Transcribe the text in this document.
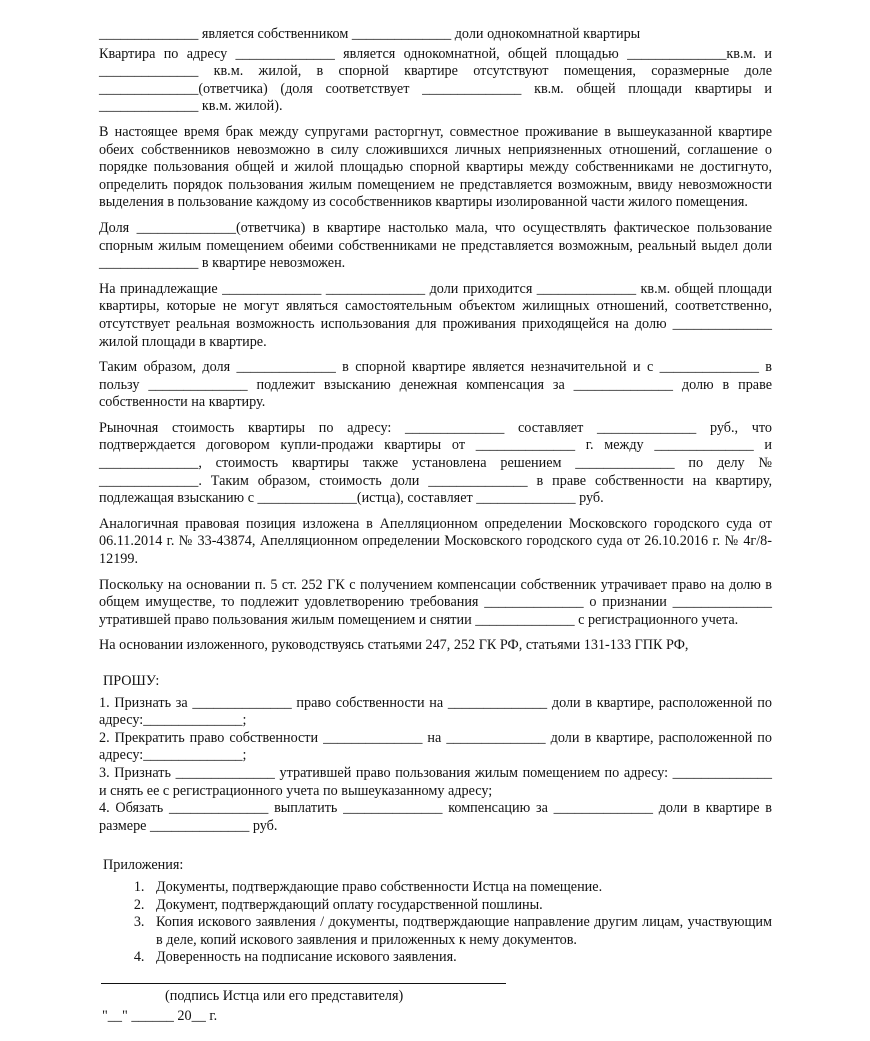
______________ является собственником ______________ доли однокомнатной квартиры

Квартира по адресу ______________ является однокомнатной, общей площадью ______________кв.м. и ______________ кв.м. жилой, в спорной квартире отсутствуют помещения, соразмерные доле ______________(ответчика) (доля соответствует ______________ кв.м. общей площади квартиры и ______________ кв.м. жилой).

В настоящее время брак между супругами расторгнут, совместное проживание в вышеуказанной квартире обеих собственников невозможно в силу сложившихся личных неприязненных отношений, соглашение о порядке пользования общей и жилой площадью спорной квартиры между собственниками не достигнуто, определить порядок пользования жилым помещением не представляется возможным, ввиду невозможности выделения в пользование каждому из сособственников квартиры изолированной части жилого помещения.

Доля ______________(ответчика) в квартире настолько мала, что осуществлять фактическое пользование спорным жилым помещением обеими собственниками не представляется возможным, реальный выдел доли ______________ в квартире невозможен.

На принадлежащие ______________ ______________ доли приходится ______________ кв.м. общей площади квартиры, которые не могут являться самостоятельным объектом жилищных отношений, соответственно, отсутствует реальная возможность использования для проживания приходящейся на долю ______________ жилой площади в квартире.

Таким образом, доля ______________ в спорной квартире является незначительной и с ______________ в пользу ______________ подлежит взысканию денежная компенсация за ______________ долю в праве собственности на квартиру.

Рыночная стоимость квартиры по адресу: ______________ составляет ______________ руб., что подтверждается договором купли-продажи квартиры от ______________ г. между ______________ и ______________, стоимость квартиры также установлена решением ______________ по делу № ______________. Таким образом, стоимость доли ______________ в праве собственности на квартиру, подлежащая взысканию с ______________(истца), составляет ______________ руб.

Аналогичная правовая позиция изложена в Апелляционном определении Московского городского суда от 06.11.2014 г. № 33-43874, Апелляционном определении Московского городского суда от 26.10.2016 г. № 4г/8-12199.

Поскольку на основании п. 5 ст. 252 ГК с получением компенсации собственник утрачивает право на долю в общем имуществе, то подлежит удовлетворению требования ______________ о признании ______________ утратившей право пользования жилым помещением и снятии ______________ с регистрационного учета.

На основании изложенного, руководствуясь статьями 247, 252 ГК РФ, статьями 131-133 ГПК РФ,

ПРОШУ:

1. Признать за ______________ право собственности на ______________ доли в квартире, расположенной по адресу:______________;

2. Прекратить право собственности ______________ на ______________ доли в квартире, расположенной по адресу:______________;

3. Признать ______________ утратившей право пользования жилым помещением по адресу: ______________ и снять ее с регистрационного учета по вышеуказанному адресу;

4. Обязать ______________ выплатить ______________ компенсацию за ______________ доли в квартире в размере ______________ руб.

Приложения:
1. Документы, подтверждающие право собственности Истца на помещение.
2. Документ, подтверждающий оплату государственной пошлины.
3. Копия искового заявления / документы, подтверждающие направление другим лицам, участвующим в деле, копий искового заявления и приложенных к нему документов.
4. Доверенность на подписание искового заявления.
(подпись Истца или его представителя)
"__" ______ 20__ г.
